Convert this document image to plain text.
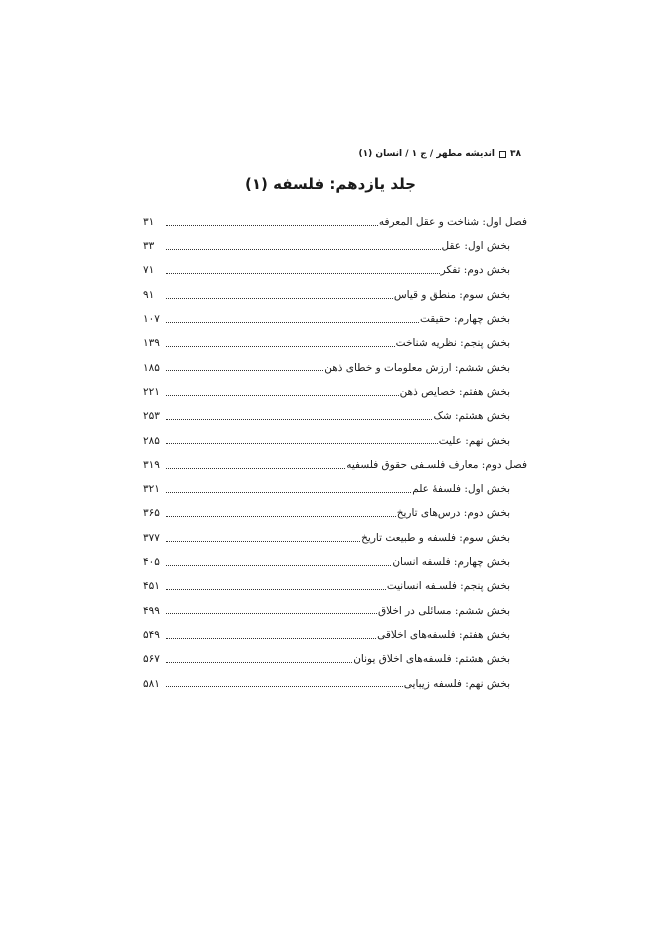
۳۸
اندیشه مطهر / ج ۱ / انسان (۱)
جلد یازدهم: فلسفه (۱)
فصل اول: شناخت و عقل المعرفه
۳۱
بخش اول: عقل
۳۳
بخش دوم: تفکر
۷۱
بخش سوم: منطق و قیاس
۹۱
بخش چهارم: حقیقت
۱۰۷
بخش پنجم: نظریه شناخت
۱۳۹
بخش ششم: ارزش معلومات و خطای ذهن
۱۸۵
بخش هفتم: خصایص ذهن
۲۲۱
بخش هشتم: شک
۲۵۳
بخش نهم: علیت
۲۸۵
فصل دوم: معارف فلسـفی حقوق فلسفیه
۳۱۹
بخش اول: فلسفهٔ علم
۳۲۱
بخش دوم: درس‌های تاریخ
۳۶۵
بخش سوم: فلسفه و طبیعت تاریخ
۳۷۷
بخش چهارم: فلسفه انسان
۴۰۵
بخش پنجم: فلسـفه انسانیت
۴۵۱
بخش ششم: مسائلی در اخلاق
۴۹۹
بخش هفتم: فلسفه‌های اخلاقی
۵۴۹
بخش هشتم: فلسفه‌های اخلاق یونان
۵۶۷
بخش نهم: فلسفه زیبایی
۵۸۱
